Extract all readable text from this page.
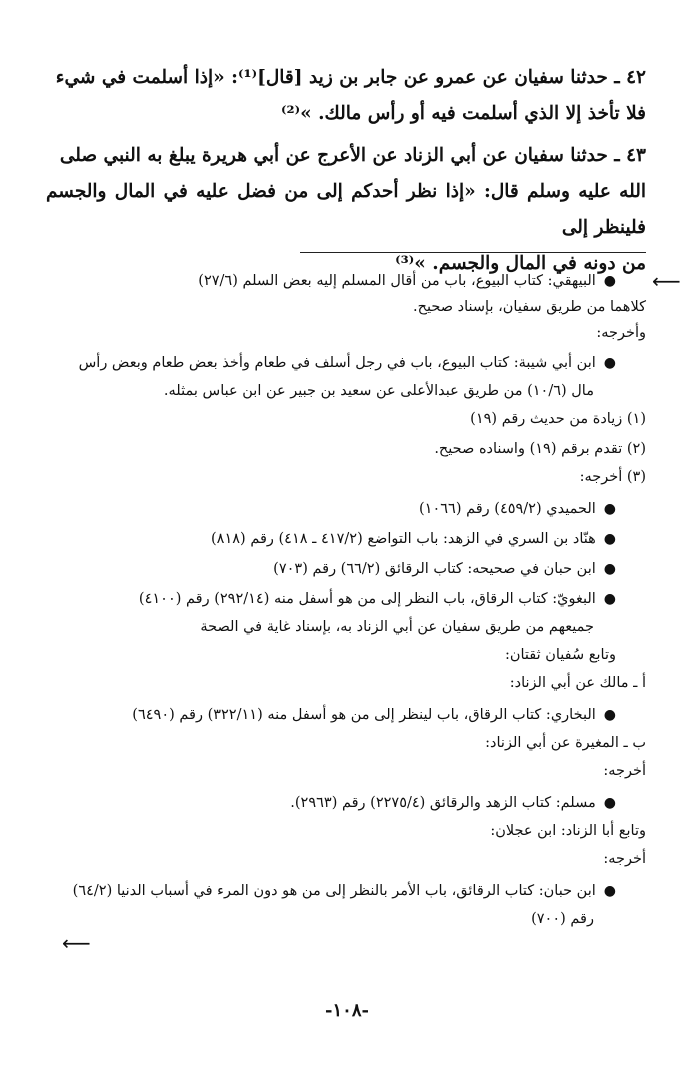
٤٢ ـ حدثنا سفيان عن عمرو عن جابر بن زيد [قال]⁽¹⁾: «إذا أسلمت في شيء
فلا تأخذ إلا الذي أسلمت فيه أو رأس مالك. »⁽²⁾
٤٣ ـ حدثنا سفيان عن أبي الزناد عن الأعرج عن أبي هريرة يبلغ به النبي صلى
الله عليه وسلم قال: «إذا نظر أحدكم إلى من فضل عليه في المال والجسم فلينظر إلى
من دونه في المال والجسم. »⁽³⁾
⟵
● البيهقي: كتاب البيوع، باب من أقال المسلم إليه بعض السلم (٢٧/٦)
كلاهما من طريق سفيان، بإسناد صحيح.
وأخرجه:
● ابن أبي شيبة: كتاب البيوع، باب في رجل أسلف في طعام وأخذ بعض طعام وبعض رأس
مال (١٠/٦) من طريق عبدالأعلى عن سعيد بن جبير عن ابن عباس بمثله.
(١) زيادة من حديث رقم (١٩)
(٢) تقدم برقم (١٩) واسناده صحيح.
(٣) أخرجه:
● الحميدي (٤٥٩/٢) رقم (١٠٦٦)
● هنّاد بن السري في الزهد: باب التواضع (٤١٧/٢ ـ ٤١٨) رقم (٨١٨)
● ابن حبان في صحيحه: كتاب الرقائق (٦٦/٢) رقم (٧٠٣)
● البغويّ: كتاب الرقاق، باب النظر إلى من هو أسفل منه (٢٩٢/١٤) رقم (٤١٠٠)
جميعهم من طريق سفيان عن أبي الزناد به، بإسناد غاية في الصحة
وتابع سُفيان ثقتان:
أ ـ مالك عن أبي الزناد:
● البخاري: كتاب الرقاق، باب لينظر إلى من هو أسفل منه (٣٢٢/١١) رقم (٦٤٩٠)
ب ـ المغيرة عن أبي الزناد:
أخرجه:
● مسلم: كتاب الزهد والرقائق (٢٢٧٥/٤) رقم (٢٩٦٣).
وتابع أبا الزناد: ابن عجلان:
أخرجه:
● ابن حبان: كتاب الرقائق، باب الأمر بالنظر إلى من هو دون المرء في أسباب الدنيا (٦٤/٢)
رقم (٧٠٠)
⟵
-١٠٨-
